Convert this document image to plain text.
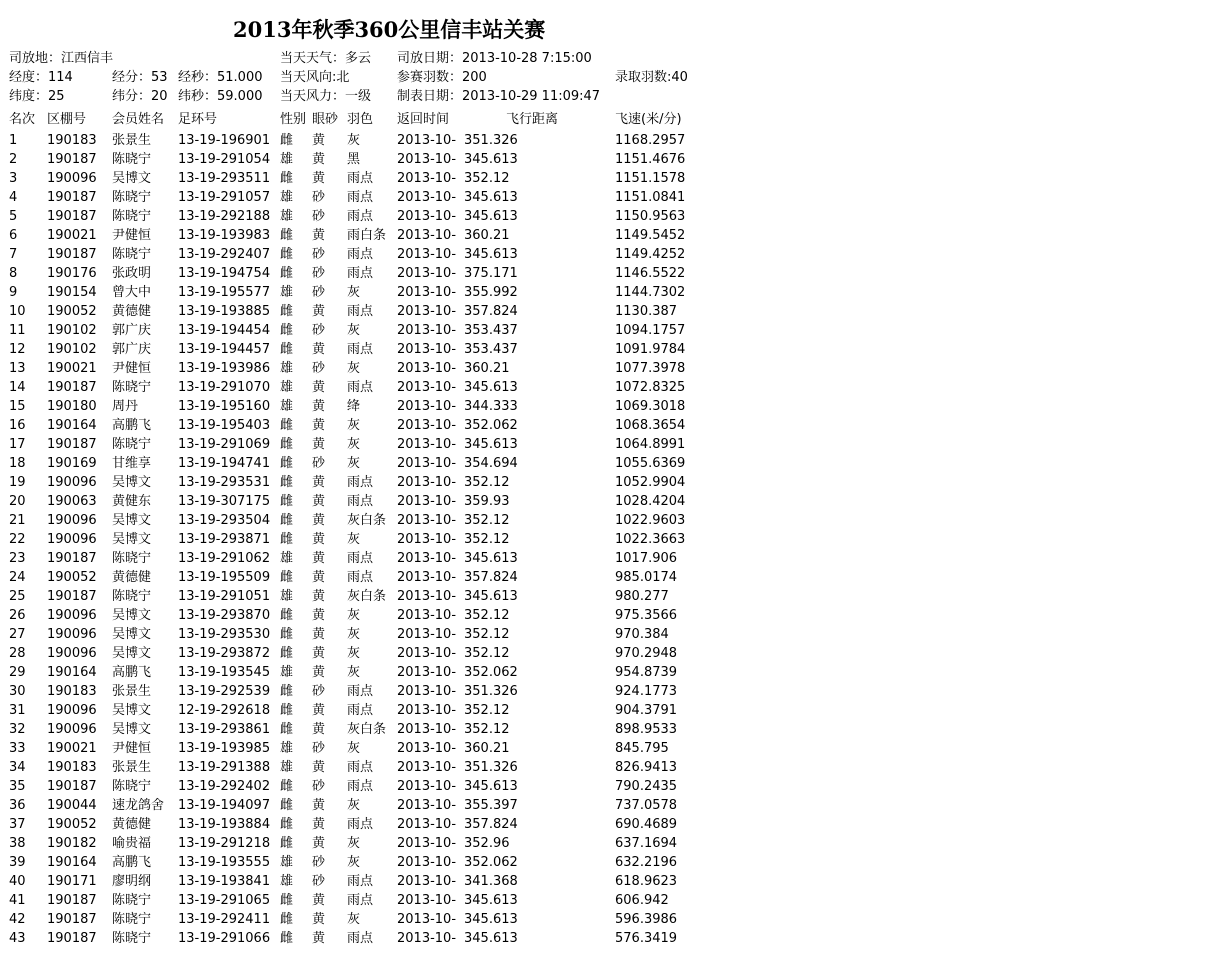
2013年秋季360公里信丰站关赛
司放地：江西信丰	当天天气：多云 司放日期：2013-10-28 7:15:00
经度：114	经分：53 经秒：51.000 当天风向:北	参赛羽数：200	录取羽数:40
纬度：25	纬分：20 纬秒：59.000 当天风力：一级 制表日期：2013-10-29 11:09:47
名次 区棚号 会员姓名 足环号	性别 眼砂 羽色 返回时间	飞行距离	飞速(米/分)
1	190183	张景生	13-19-196901	雌	黄	灰	2013-10-	351.326	1168.2957
2	190187	陈晓宁	13-19-291054	雄	黄	黑	2013-10-	345.613	1151.4676
3	190096	吴博文	13-19-293511	雌	黄	雨点	2013-10-	352.12	1151.1578
4	190187	陈晓宁	13-19-291057	雄	砂	雨点	2013-10-	345.613	1151.0841
5	190187	陈晓宁	13-19-292188	雄	砂	雨点	2013-10-	345.613	1150.9563
6	190021	尹健恒	13-19-193983	雌	黄	雨白条	2013-10-	360.21	1149.5452
7	190187	陈晓宁	13-19-292407	雌	砂	雨点	2013-10-	345.613	1149.4252
8	190176	张政明	13-19-194754	雌	砂	雨点	2013-10-	375.171	1146.5522
9	190154	曾大中	13-19-195577	雄	砂	灰	2013-10-	355.992	1144.7302
10	190052	黄德健	13-19-193885	雌	黄	雨点	2013-10-	357.824	1130.387
11	190102	郭广庆	13-19-194454	雌	砂	灰	2013-10-	353.437	1094.1757
12	190102	郭广庆	13-19-194457	雌	黄	雨点	2013-10-	353.437	1091.9784
13	190021	尹健恒	13-19-193986	雄	砂	灰	2013-10-	360.21	1077.3978
14	190187	陈晓宁	13-19-291070	雄	黄	雨点	2013-10-	345.613	1072.8325
15	190180	周丹	13-19-195160	雄	黄	绛	2013-10-	344.333	1069.3018
16	190164	高鹏飞	13-19-195403	雌	黄	灰	2013-10-	352.062	1068.3654
17	190187	陈晓宁	13-19-291069	雌	黄	灰	2013-10-	345.613	1064.8991
18	190169	甘维享	13-19-194741	雌	砂	灰	2013-10-	354.694	1055.6369
19	190096	吴博文	13-19-293531	雌	黄	雨点	2013-10-	352.12	1052.9904
20	190063	黄健东	13-19-307175	雌	黄	雨点	2013-10-	359.93	1028.4204
21	190096	吴博文	13-19-293504	雌	黄	灰白条	2013-10-	352.12	1022.9603
22	190096	吴博文	13-19-293871	雌	黄	灰	2013-10-	352.12	1022.3663
23	190187	陈晓宁	13-19-291062	雄	黄	雨点	2013-10-	345.613	1017.906
24	190052	黄德健	13-19-195509	雌	黄	雨点	2013-10-	357.824	985.0174
25	190187	陈晓宁	13-19-291051	雄	黄	灰白条	2013-10-	345.613	980.277
26	190096	吴博文	13-19-293870	雌	黄	灰	2013-10-	352.12	975.3566
27	190096	吴博文	13-19-293530	雌	黄	灰	2013-10-	352.12	970.384
28	190096	吴博文	13-19-293872	雌	黄	灰	2013-10-	352.12	970.2948
29	190164	高鹏飞	13-19-193545	雄	黄	灰	2013-10-	352.062	954.8739
30	190183	张景生	13-19-292539	雌	砂	雨点	2013-10-	351.326	924.1773
31	190096	吴博文	12-19-292618	雌	黄	雨点	2013-10-	352.12	904.3791
32	190096	吴博文	13-19-293861	雌	黄	灰白条	2013-10-	352.12	898.9533
33	190021	尹健恒	13-19-193985	雄	砂	灰	2013-10-	360.21	845.795
34	190183	张景生	13-19-291388	雄	黄	雨点	2013-10-	351.326	826.9413
35	190187	陈晓宁	13-19-292402	雌	砂	雨点	2013-10-	345.613	790.2435
36	190044	速龙鸽舍	13-19-194097	雌	黄	灰	2013-10-	355.397	737.0578
37	190052	黄德健	13-19-193884	雌	黄	雨点	2013-10-	357.824	690.4689
38	190182	喻贵福	13-19-291218	雌	黄	灰	2013-10-	352.96	637.1694
39	190164	高鹏飞	13-19-193555	雄	砂	灰	2013-10-	352.062	632.2196
40	190171	廖明纲	13-19-193841	雄	砂	雨点	2013-10-	341.368	618.9623
41	190187	陈晓宁	13-19-291065	雌	黄	雨点	2013-10-	345.613	606.942
42	190187	陈晓宁	13-19-292411	雌	黄	灰	2013-10-	345.613	596.3986
43	190187	陈晓宁	13-19-291066	雌	黄	雨点	2013-10-	345.613	576.3419
